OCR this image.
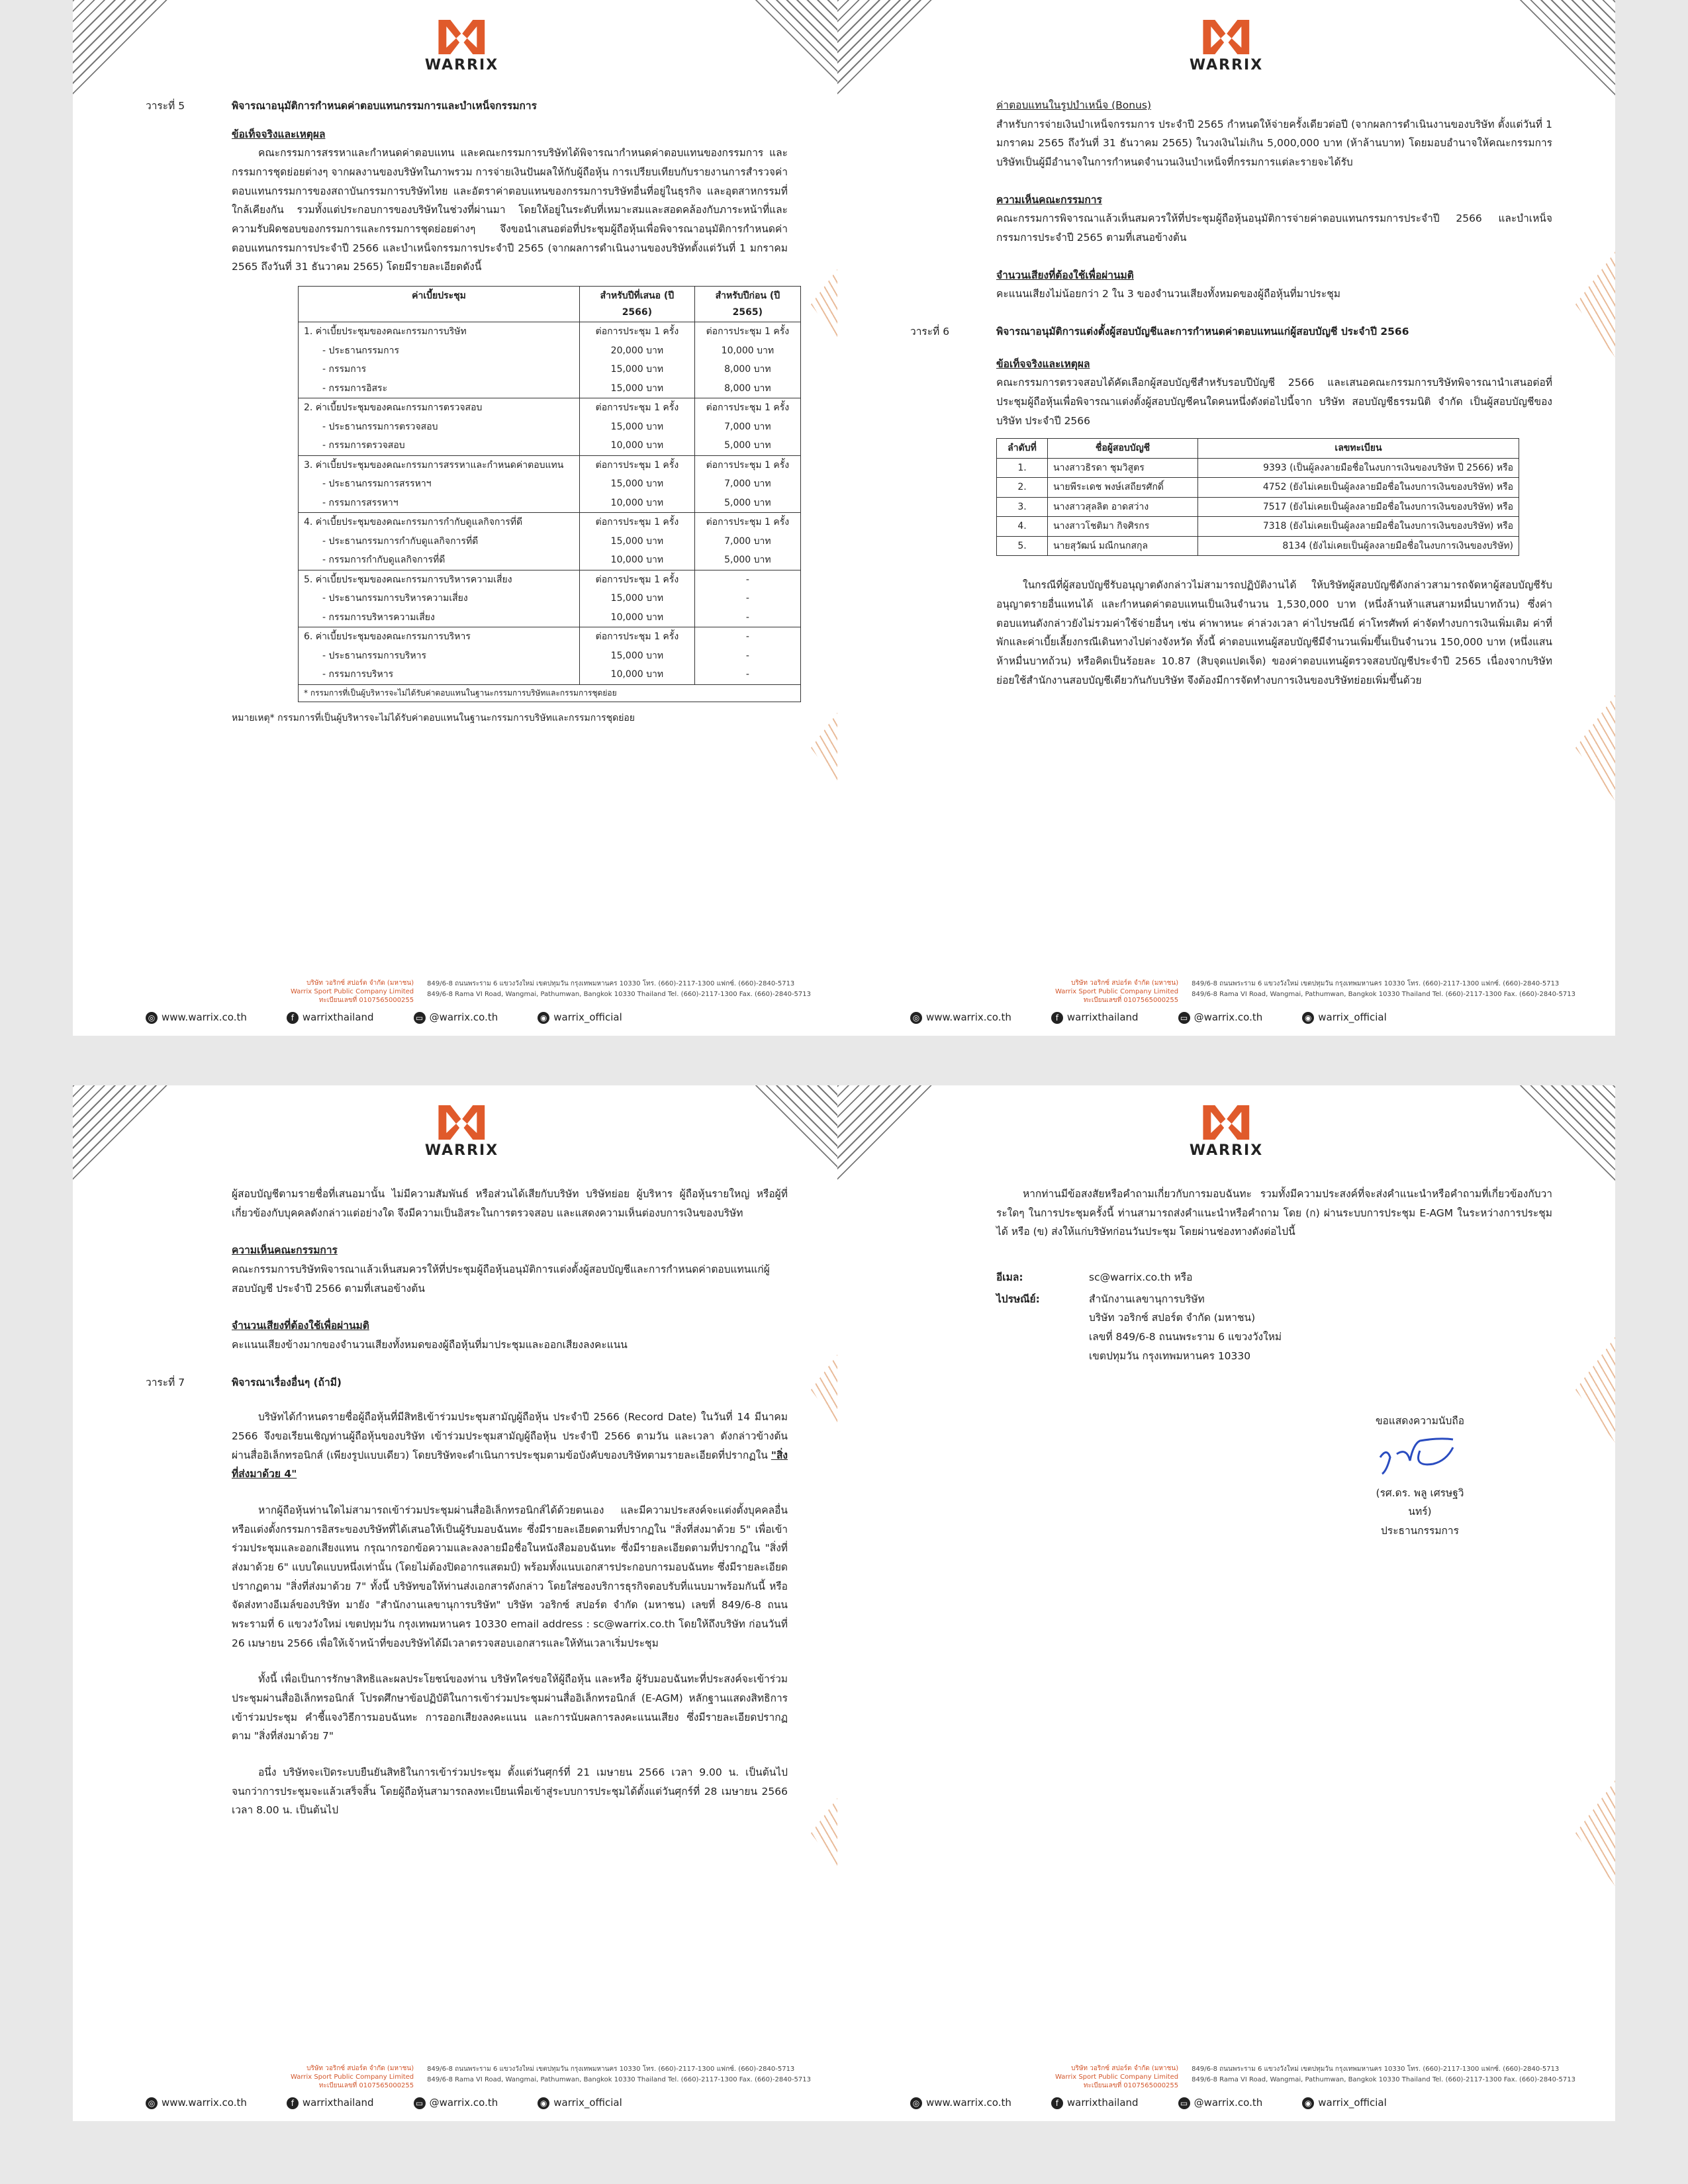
WARRIX
วาระที่ 5	พิจารณาอนุมัติการกำหนดค่าตอบแทนกรรมการและบำเหน็จกรรมการ
ข้อเท็จจริงและเหตุผล
คณะกรรมการสรรหาและกำหนดค่าตอบแทน และคณะกรรมการบริษัทได้พิจารณากำหนดค่าตอบแทนของกรรมการ และกรรมการชุดย่อยต่างๆ จากผลงานของบริษัทในภาพรวม การจ่ายเงินปันผลให้กับผู้ถือหุ้น การเปรียบเทียบกับรายงานการสำรวจค่าตอบแทนกรรมการของสถาบันกรรมการบริษัทไทย และอัตราค่าตอบแทนของกรรมการบริษัทอื่นที่อยู่ในธุรกิจ และอุตสาหกรรมที่ใกล้เคียงกัน รวมทั้งแต่ประกอบการของบริษัทในช่วงที่ผ่านมา โดยให้อยู่ในระดับที่เหมาะสมและสอดคล้องกับภาระหน้าที่และความรับผิดชอบของกรรมการและกรรมการชุดย่อยต่างๆ จึงขอนำเสนอต่อที่ประชุมผู้ถือหุ้นเพื่อพิจารณาอนุมัติการกำหนดค่าตอบแทนกรรมการประจำปี 2566 และบำเหน็จกรรมการประจำปี 2565 (จากผลการดำเนินงานของบริษัทตั้งแต่วันที่ 1 มกราคม 2565 ถึงวันที่ 31 ธันวาคม 2565) โดยมีรายละเอียดดังนี้
ค่าเบี้ยประชุม	สำหรับปีที่เสนอ (ปี 2566)	สำหรับปีก่อน (ปี 2565)
1. ค่าเบี้ยประชุมของคณะกรรมการบริษัท	ต่อการประชุม 1 ครั้ง	ต่อการประชุม 1 ครั้ง
- ประธานกรรมการ	20,000 บาท	10,000 บาท
- กรรมการ	15,000 บาท	8,000 บาท
- กรรมการอิสระ	15,000 บาท	8,000 บาท
2. ค่าเบี้ยประชุมของคณะกรรมการตรวจสอบ	ต่อการประชุม 1 ครั้ง	ต่อการประชุม 1 ครั้ง
- ประธานกรรมการตรวจสอบ	15,000 บาท	7,000 บาท
- กรรมการตรวจสอบ	10,000 บาท	5,000 บาท
3. ค่าเบี้ยประชุมของคณะกรรมการสรรหาและกำหนดค่าตอบแทน	ต่อการประชุม 1 ครั้ง	ต่อการประชุม 1 ครั้ง
- ประธานกรรมการสรรหาฯ	15,000 บาท	7,000 บาท
- กรรมการสรรหาฯ	10,000 บาท	5,000 บาท
4. ค่าเบี้ยประชุมของคณะกรรมการกำกับดูแลกิจการที่ดี	ต่อการประชุม 1 ครั้ง	ต่อการประชุม 1 ครั้ง
- ประธานกรรมการกำกับดูแลกิจการที่ดี	15,000 บาท	7,000 บาท
- กรรมการกำกับดูแลกิจการที่ดี	10,000 บาท	5,000 บาท
5. ค่าเบี้ยประชุมของคณะกรรมการบริหารความเสี่ยง	ต่อการประชุม 1 ครั้ง	-
- ประธานกรรมการบริหารความเสี่ยง	15,000 บาท	-
- กรรมการบริหารความเสี่ยง	10,000 บาท	-
6. ค่าเบี้ยประชุมของคณะกรรมการบริหาร	ต่อการประชุม 1 ครั้ง	-
- ประธานกรรมการบริหาร	15,000 บาท	-
- กรรมการบริหาร	10,000 บาท	-
* กรรมการที่เป็นผู้บริหารจะไม่ได้รับค่าตอบแทนในฐานะกรรมการบริษัทและกรรมการชุดย่อย		
หมายเหตุ* กรรมการที่เป็นผู้บริหารจะไม่ได้รับค่าตอบแทนในฐานะกรรมการบริษัทและกรรมการชุดย่อย
บริษัท วอริกซ์ สปอร์ต จำกัด (มหาชน)
Warrix Sport Public Company Limited
ทะเบียนเลขที่ 0107565000255
849/6-8 ถนนพระราม 6 แขวงวังใหม่ เขตปทุมวัน กรุงเทพมหานคร 10330 โทร. (660)-2117-1300 แฟกซ์. (660)-2840-5713
849/6-8 Rama VI Road, Wangmai, Pathumwan, Bangkok 10330 Thailand Tel. (660)-2117-1300 Fax. (660)-2840-5713
◎ www.warrix.co.th	f warrixthailand	▭ @warrix.co.th	◉ warrix_official
WARRIX
ค่าตอบแทนในรูปบำเหน็จ (Bonus)
สำหรับการจ่ายเงินบำเหน็จกรรมการ ประจำปี 2565 กำหนดให้จ่ายครั้งเดียวต่อปี (จากผลการดำเนินงานของบริษัท ตั้งแต่วันที่ 1 มกราคม 2565 ถึงวันที่ 31 ธันวาคม 2565) ในวงเงินไม่เกิน 5,000,000 บาท (ห้าล้านบาท) โดยมอบอำนาจให้คณะกรรมการบริษัทเป็นผู้มีอำนาจในการกำหนดจำนวนเงินบำเหน็จที่กรรมการแต่ละรายจะได้รับ
ความเห็นคณะกรรมการ
คณะกรรมการพิจารณาแล้วเห็นสมควรให้ที่ประชุมผู้ถือหุ้นอนุมัติการจ่ายค่าตอบแทนกรรมการประจำปี 2566 และบำเหน็จกรรมการประจำปี 2565 ตามที่เสนอข้างต้น
จำนวนเสียงที่ต้องใช้เพื่อผ่านมติ
คะแนนเสียงไม่น้อยกว่า 2 ใน 3 ของจำนวนเสียงทั้งหมดของผู้ถือหุ้นที่มาประชุม
วาระที่ 6	พิจารณาอนุมัติการแต่งตั้งผู้สอบบัญชีและการกำหนดค่าตอบแทนแก่ผู้สอบบัญชี ประจำปี 2566
ข้อเท็จจริงและเหตุผล
คณะกรรมการตรวจสอบได้คัดเลือกผู้สอบบัญชีสำหรับรอบปีบัญชี 2566 และเสนอคณะกรรมการบริษัทพิจารณานำเสนอต่อที่ประชุมผู้ถือหุ้นเพื่อพิจารณาแต่งตั้งผู้สอบบัญชีคนใดคนหนึ่งดังต่อไปนี้จาก บริษัท สอบบัญชีธรรมนิติ จำกัด เป็นผู้สอบบัญชีของบริษัท ประจำปี 2566
ลำดับที่	ชื่อผู้สอบบัญชี	เลขทะเบียน
1.	นางสาวธิรดา ชุมวิสูตร	9393 (เป็นผู้ลงลายมือชื่อในงบการเงินของบริษัท ปี 2566) หรือ
2.	นายพีระเดช พงษ์เสถียรศักดิ์	4752 (ยังไม่เคยเป็นผู้ลงลายมือชื่อในงบการเงินของบริษัท) หรือ
3.	นางสาวสุลลิต อาดสว่าง	7517 (ยังไม่เคยเป็นผู้ลงลายมือชื่อในงบการเงินของบริษัท) หรือ
4.	นางสาวโชติมา กิจศิรกร	7318 (ยังไม่เคยเป็นผู้ลงลายมือชื่อในงบการเงินของบริษัท) หรือ
5.	นายสุวัฒน์ มณีกนกสกุล	8134 (ยังไม่เคยเป็นผู้ลงลายมือชื่อในงบการเงินของบริษัท)
ในกรณีที่ผู้สอบบัญชีรับอนุญาตดังกล่าวไม่สามารถปฏิบัติงานได้ ให้บริษัทผู้สอบบัญชีดังกล่าวสามารถจัดหาผู้สอบบัญชีรับอนุญาตรายอื่นแทนได้ และกำหนดค่าตอบแทนเป็นเงินจำนวน 1,530,000 บาท (หนึ่งล้านห้าแสนสามหมื่นบาทถ้วน) ซึ่งค่าตอบแทนดังกล่าวยังไม่รวมค่าใช้จ่ายอื่นๆ เช่น ค่าพาหนะ ค่าล่วงเวลา ค่าไปรษณีย์ ค่าโทรศัพท์ ค่าจัดทำงบการเงินเพิ่มเติม ค่าที่พักและค่าเบี้ยเลี้ยงกรณีเดินทางไปต่างจังหวัด ทั้งนี้ ค่าตอบแทนผู้สอบบัญชีมีจำนวนเพิ่มขึ้นเป็นจำนวน 150,000 บาท (หนึ่งแสนห้าหมื่นบาทถ้วน) หรือคิดเป็นร้อยละ 10.87 (สิบจุดแปดเจ็ด) ของค่าตอบแทนผู้ตรวจสอบบัญชีประจำปี 2565 เนื่องจากบริษัทย่อยใช้สำนักงานสอบบัญชีเดียวกันกับบริษัท จึงต้องมีการจัดทำงบการเงินของบริษัทย่อยเพิ่มขึ้นด้วย
บริษัท วอริกซ์ สปอร์ต จำกัด (มหาชน)
Warrix Sport Public Company Limited
ทะเบียนเลขที่ 0107565000255
849/6-8 ถนนพระราม 6 แขวงวังใหม่ เขตปทุมวัน กรุงเทพมหานคร 10330 โทร. (660)-2117-1300 แฟกซ์. (660)-2840-5713
849/6-8 Rama VI Road, Wangmai, Pathumwan, Bangkok 10330 Thailand Tel. (660)-2117-1300 Fax. (660)-2840-5713
◎ www.warrix.co.th	f warrixthailand	▭ @warrix.co.th	◉ warrix_official
WARRIX
ผู้สอบบัญชีตามรายชื่อที่เสนอมานั้น ไม่มีความสัมพันธ์ หรือส่วนได้เสียกับบริษัท บริษัทย่อย ผู้บริหาร ผู้ถือหุ้นรายใหญ่ หรือผู้ที่เกี่ยวข้องกับบุคคลดังกล่าวแต่อย่างใด จึงมีความเป็นอิสระในการตรวจสอบ และแสดงความเห็นต่องบการเงินของบริษัท
ความเห็นคณะกรรมการ
คณะกรรมการบริษัทพิจารณาแล้วเห็นสมควรให้ที่ประชุมผู้ถือหุ้นอนุมัติการแต่งตั้งผู้สอบบัญชีและการกำหนดค่าตอบแทนแก่ผู้สอบบัญชี ประจำปี 2566 ตามที่เสนอข้างต้น
จำนวนเสียงที่ต้องใช้เพื่อผ่านมติ
คะแนนเสียงข้างมากของจำนวนเสียงทั้งหมดของผู้ถือหุ้นที่มาประชุมและออกเสียงลงคะแนน
วาระที่ 7	พิจารณาเรื่องอื่นๆ (ถ้ามี)
บริษัทได้กำหนดรายชื่อผู้ถือหุ้นที่มีสิทธิเข้าร่วมประชุมสามัญผู้ถือหุ้น ประจำปี 2566 (Record Date) ในวันที่ 14 มีนาคม 2566 จึงขอเรียนเชิญท่านผู้ถือหุ้นของบริษัท เข้าร่วมประชุมสามัญผู้ถือหุ้น ประจำปี 2566 ตามวัน และเวลา ดังกล่าวข้างต้น ผ่านสื่ออิเล็กทรอนิกส์ (เพียงรูปแบบเดียว) โดยบริษัทจะดำเนินการประชุมตามข้อบังคับของบริษัทตามรายละเอียดที่ปรากฏใน "สิ่งที่ส่งมาด้วย 4"
หากผู้ถือหุ้นท่านใดไม่สามารถเข้าร่วมประชุมผ่านสื่ออิเล็กทรอนิกส์ได้ด้วยตนเอง และมีความประสงค์จะแต่งตั้งบุคคลอื่น หรือแต่งตั้งกรรมการอิสระของบริษัทที่ได้เสนอให้เป็นผู้รับมอบฉันทะ ซึ่งมีรายละเอียดตามที่ปรากฏใน "สิ่งที่ส่งมาด้วย 5" เพื่อเข้าร่วมประชุมและออกเสียงแทน กรุณากรอกข้อความและลงลายมือชื่อในหนังสือมอบฉันทะ ซึ่งมีรายละเอียดตามที่ปรากฏใน "สิ่งที่ส่งมาด้วย 6" แบบใดแบบหนึ่งเท่านั้น (โดยไม่ต้องปิดอากรแสตมป์) พร้อมทั้งแนบเอกสารประกอบการมอบฉันทะ ซึ่งมีรายละเอียดปรากฏตาม "สิ่งที่ส่งมาด้วย 7" ทั้งนี้ บริษัทขอให้ท่านส่งเอกสารดังกล่าว โดยใส่ซองบริการธุรกิจตอบรับที่แนบมาพร้อมกันนี้ หรือจัดส่งทางอีเมล์ของบริษัท มายัง "สำนักงานเลขานุการบริษัท" บริษัท วอริกซ์ สปอร์ต จำกัด (มหาชน) เลขที่ 849/6-8 ถนนพระรามที่ 6 แขวงวังใหม่ เขตปทุมวัน กรุงเทพมหานคร 10330 email address : sc@warrix.co.th โดยให้ถึงบริษัท ก่อนวันที่ 26 เมษายน 2566 เพื่อให้เจ้าหน้าที่ของบริษัทได้มีเวลาตรวจสอบเอกสารและให้ทันเวลาเริ่มประชุม
ทั้งนี้ เพื่อเป็นการรักษาสิทธิและผลประโยชน์ของท่าน บริษัทใคร่ขอให้ผู้ถือหุ้น และหรือ ผู้รับมอบฉันทะที่ประสงค์จะเข้าร่วมประชุมผ่านสื่ออิเล็กทรอนิกส์ โปรดศึกษาข้อปฏิบัติในการเข้าร่วมประชุมผ่านสื่ออิเล็กทรอนิกส์ (E-AGM) หลักฐานแสดงสิทธิการเข้าร่วมประชุม คำชี้แจงวิธีการมอบฉันทะ การออกเสียงลงคะแนน และการนับผลการลงคะแนนเสียง ซึ่งมีรายละเอียดปรากฏตาม "สิ่งที่ส่งมาด้วย 7"
อนึ่ง บริษัทจะเปิดระบบยืนยันสิทธิในการเข้าร่วมประชุม ตั้งแต่วันศุกร์ที่ 21 เมษายน 2566 เวลา 9.00 น. เป็นต้นไป จนกว่าการประชุมจะแล้วเสร็จสิ้น โดยผู้ถือหุ้นสามารถลงทะเบียนเพื่อเข้าสู่ระบบการประชุมได้ตั้งแต่วันศุกร์ที่ 28 เมษายน 2566 เวลา 8.00 น. เป็นต้นไป
บริษัท วอริกซ์ สปอร์ต จำกัด (มหาชน)
Warrix Sport Public Company Limited
ทะเบียนเลขที่ 0107565000255
849/6-8 ถนนพระราม 6 แขวงวังใหม่ เขตปทุมวัน กรุงเทพมหานคร 10330 โทร. (660)-2117-1300 แฟกซ์. (660)-2840-5713
849/6-8 Rama VI Road, Wangmai, Pathumwan, Bangkok 10330 Thailand Tel. (660)-2117-1300 Fax. (660)-2840-5713
◎ www.warrix.co.th	f warrixthailand	▭ @warrix.co.th	◉ warrix_official
WARRIX
หากท่านมีข้อสงสัยหรือคำถามเกี่ยวกับการมอบฉันทะ รวมทั้งมีความประสงค์ที่จะส่งคำแนะนำหรือคำถามที่เกี่ยวข้องกับวาระใดๆ ในการประชุมครั้งนี้ ท่านสามารถส่งคำแนะนำหรือคำถาม โดย (ก) ผ่านระบบการประชุม E-AGM ในระหว่างการประชุมได้ หรือ (ข) ส่งให้แก่บริษัทก่อนวันประชุม โดยผ่านช่องทางดังต่อไปนี้
อีเมล:	sc@warrix.co.th หรือ
ไปรษณีย์:	สำนักงานเลขานุการบริษัท
บริษัท วอริกซ์ สปอร์ต จำกัด (มหาชน)
เลขที่ 849/6-8 ถนนพระราม 6 แขวงวังใหม่
เขตปทุมวัน กรุงเทพมหานคร 10330
ขอแสดงความนับถือ
(รศ.ดร. พลู เศรษฐวินทร์)
ประธานกรรมการ
บริษัท วอริกซ์ สปอร์ต จำกัด (มหาชน)
Warrix Sport Public Company Limited
ทะเบียนเลขที่ 0107565000255
849/6-8 ถนนพระราม 6 แขวงวังใหม่ เขตปทุมวัน กรุงเทพมหานคร 10330 โทร. (660)-2117-1300 แฟกซ์. (660)-2840-5713
849/6-8 Rama VI Road, Wangmai, Pathumwan, Bangkok 10330 Thailand Tel. (660)-2117-1300 Fax. (660)-2840-5713
◎ www.warrix.co.th	f warrixthailand	▭ @warrix.co.th	◉ warrix_official
